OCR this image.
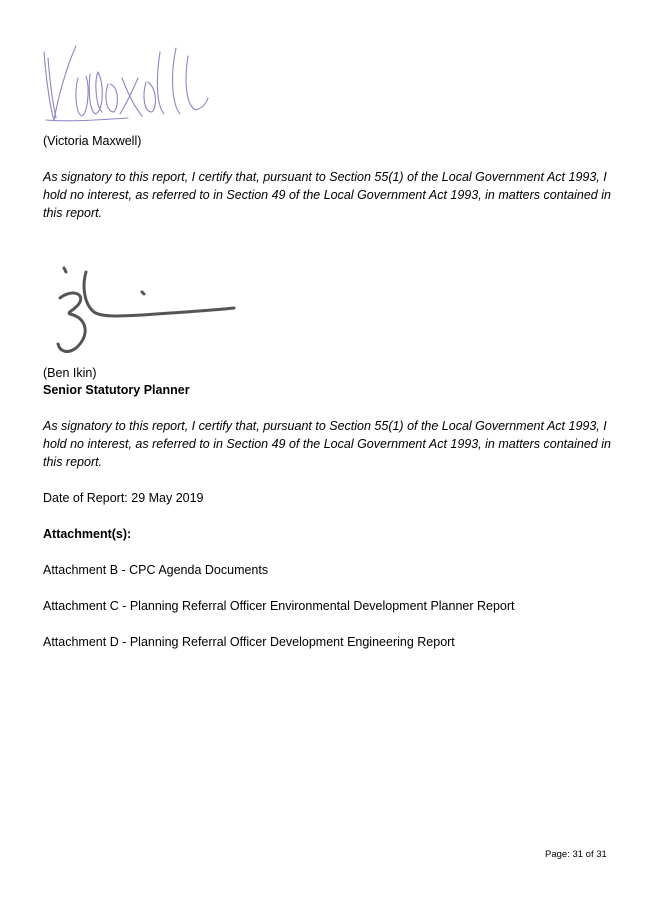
(Victoria Maxwell)
As signatory to this report, I certify that, pursuant to Section 55(1) of the Local Government Act 1993, I hold no interest, as referred to in Section 49 of the Local Government Act 1993, in matters contained in this report.
(Ben Ikin)
Senior Statutory Planner
As signatory to this report, I certify that, pursuant to Section 55(1) of the Local Government Act 1993, I hold no interest, as referred to in Section 49 of the Local Government Act 1993, in matters contained in this report.
Date of Report: 29 May 2019
Attachment(s):
Attachment B - CPC Agenda Documents
Attachment C - Planning Referral Officer Environmental Development Planner Report
Attachment D - Planning Referral Officer Development Engineering Report
Page: 31 of 31
